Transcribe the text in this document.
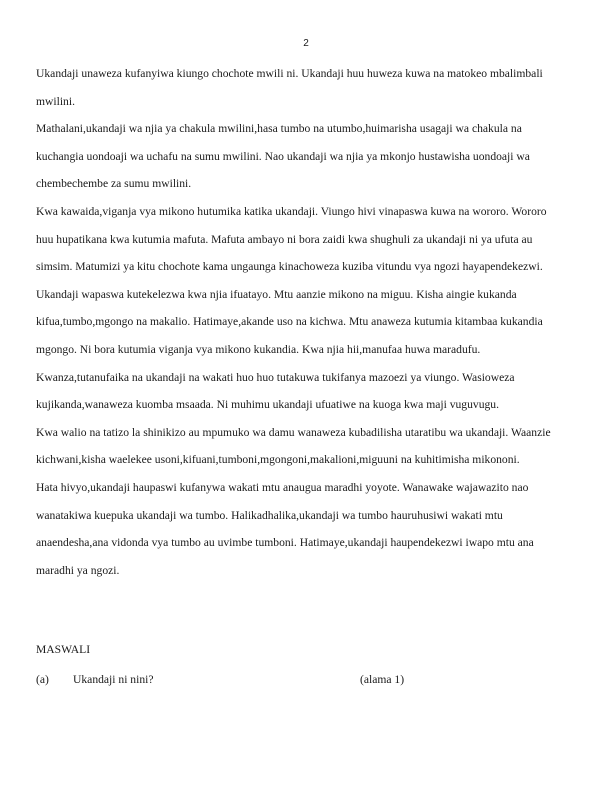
2
Ukandaji unaweza kufanyiwa kiungo chochote mwili ni. Ukandaji huu huweza kuwa na matokeo mbalimbali
mwilini.
Mathalani,ukandaji wa njia ya chakula mwilini,hasa tumbo na utumbo,huimarisha usagaji wa chakula na
kuchangia uondoaji wa uchafu na sumu mwilini. Nao ukandaji wa njia ya mkonjo hustawisha uondoaji wa
chembechembe za sumu mwilini.
Kwa kawaida,viganja vya mikono hutumika katika ukandaji. Viungo hivi vinapaswa kuwa na wororo. Wororo
huu hupatikana kwa kutumia mafuta. Mafuta ambayo ni bora zaidi kwa shughuli za ukandaji ni ya ufuta au
simsim. Matumizi ya kitu chochote kama ungaunga kinachoweza kuziba vitundu vya ngozi hayapendekezwi.
Ukandaji wapaswa kutekelezwa kwa njia ifuatayo. Mtu aanzie mikono na miguu. Kisha aingie kukanda
kifua,tumbo,mgongo na makalio. Hatimaye,akande uso na kichwa. Mtu anaweza kutumia kitambaa kukandia
mgongo. Ni bora kutumia viganja vya mikono kukandia. Kwa njia hii,manufaa huwa maradufu.
Kwanza,tutanufaika na ukandaji na wakati huo huo tutakuwa tukifanya mazoezi ya viungo. Wasioweza
kujikanda,wanaweza kuomba msaada. Ni muhimu ukandaji ufuatiwe na kuoga kwa maji vuguvugu.
Kwa walio na tatizo la shinikizo au mpumuko wa damu wanaweza kubadilisha utaratibu wa ukandaji. Waanzie
kichwani,kisha waelekee usoni,kifuani,tumboni,mgongoni,makalioni,miguuni na kuhitimisha mikononi.
Hata hivyo,ukandaji haupaswi kufanywa wakati mtu anaugua maradhi yoyote. Wanawake wajawazito nao
wanatakiwa kuepuka ukandaji wa tumbo. Halikadhalika,ukandaji wa tumbo hauruhusiwi wakati mtu
anaendesha,ana vidonda vya tumbo au uvimbe tumboni. Hatimaye,ukandaji haupendekezwi iwapo mtu ana
maradhi ya ngozi.
MASWALI
(a) Ukandaji ni nini?	(alama 1)
